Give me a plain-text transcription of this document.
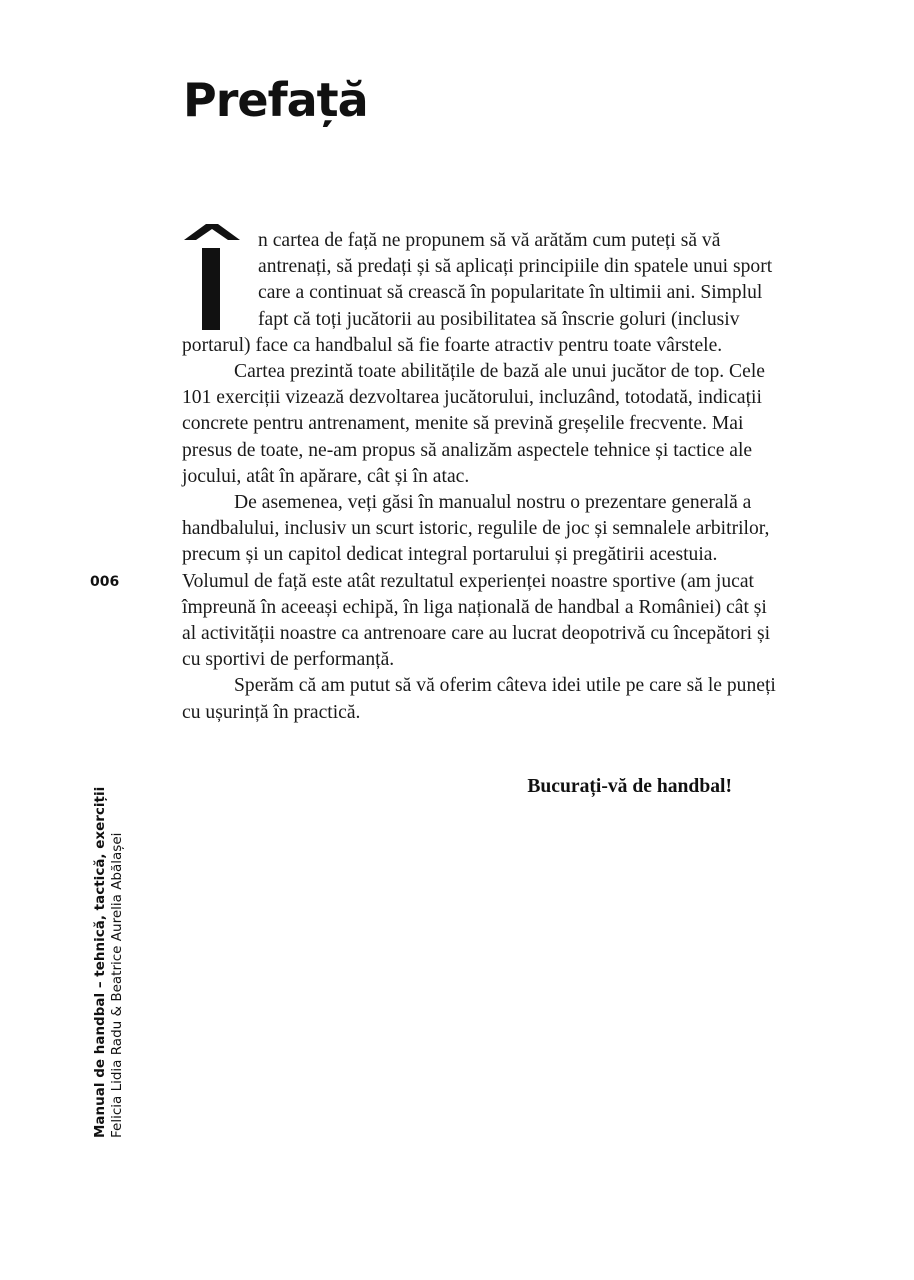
Prefață

n cartea de față ne propunem să vă arătăm cum puteți să vă antrenați, să predați și să aplicați principiile din spatele unui sport care a continuat să crească în popularitate în ultimii ani. Simplul fapt că toți jucătorii au posibilitatea să înscrie goluri (inclusiv portarul) face ca handbalul să fie foarte atractiv pentru toate vârstele.

Cartea prezintă toate abilitățile de bază ale unui jucător de top. Cele 101 exerciții vizează dezvoltarea jucătorului, incluzând, totodată, indicații concrete pentru antrenament, menite să prevină greșelile frecvente. Mai presus de toate, ne-am propus să analizăm aspectele tehnice și tactice ale jocului, atât în apărare, cât și în atac.

De asemenea, veți găsi în manualul nostru o prezentare generală a handbalului, inclusiv un scurt istoric, regulile de joc și semnalele arbitrilor, precum și un capitol dedicat integral portarului și pregătirii acestuia. Volumul de față este atât rezultatul experienței noastre sportive (am jucat împreună în aceeași echipă, în liga națională de handbal a României) cât și al activității noastre ca antrenoare care au lucrat deopotrivă cu începători și cu sportivi de performanță.

Sperăm că am putut să vă oferim câteva idei utile pe care să le puneți cu ușurință în practică.

Bucurați-vă de handbal!
006
Manual de handbal – tehnică, tactică, exerciții Felicia Lidia Radu & Beatrice Aurelia Abălașei
